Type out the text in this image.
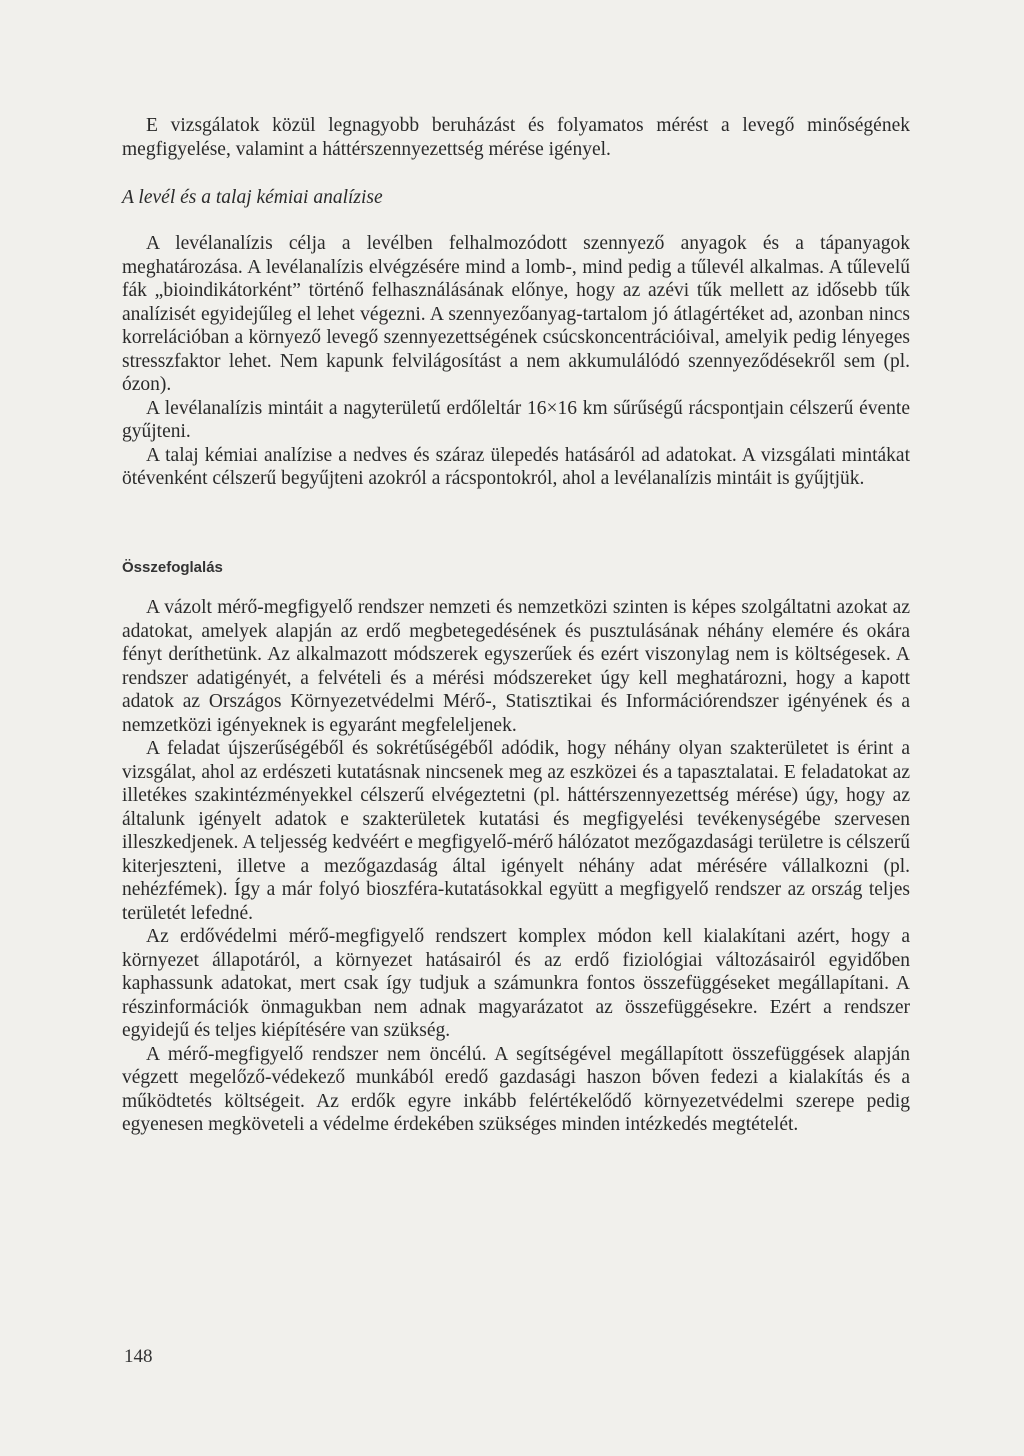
E vizsgálatok közül legnagyobb beruházást és folyamatos mérést a levegő minőségének megfigyelése, valamint a háttérszennyezettség mérése igényel.

A levél és a talaj kémiai analízise

A levélanalízis célja a levélben felhalmozódott szennyező anyagok és a tápanyagok meghatározása. A levélanalízis elvégzésére mind a lomb-, mind pedig a tűlevél alkalmas. A tűlevelű fák „bioindikátorként” történő felhasználásának előnye, hogy az azévi tűk mellett az idősebb tűk analízisét egyidejűleg el lehet végezni. A szennyezőanyag-tartalom jó átlagértéket ad, azonban nincs korrelációban a környező levegő szennyezettségének csúcskoncentrációival, amelyik pedig lényeges stresszfaktor lehet. Nem kapunk felvilágosítást a nem akkumulálódó szennyeződésekről sem (pl. ózon).

A levélanalízis mintáit a nagyterületű erdőleltár 16×16 km sűrűségű rácspontjain célszerű évente gyűjteni.

A talaj kémiai analízise a nedves és száraz ülepedés hatásáról ad adatokat. A vizsgálati mintákat ötévenként célszerű begyűjteni azokról a rácspontokról, ahol a levélanalízis mintáit is gyűjtjük.

Összefoglalás

A vázolt mérő-megfigyelő rendszer nemzeti és nemzetközi szinten is képes szolgáltatni azokat az adatokat, amelyek alapján az erdő megbetegedésének és pusztulásának néhány elemére és okára fényt deríthetünk. Az alkalmazott módszerek egyszerűek és ezért viszonylag nem is költségesek. A rendszer adatigényét, a felvételi és a mérési módszereket úgy kell meghatározni, hogy a kapott adatok az Országos Környezetvédelmi Mérő-, Statisztikai és Információrendszer igényének és a nemzetközi igényeknek is egyaránt megfeleljenek.

A feladat újszerűségéből és sokrétűségéből adódik, hogy néhány olyan szakterületet is érint a vizsgálat, ahol az erdészeti kutatásnak nincsenek meg az eszközei és a tapasztalatai. E feladatokat az illetékes szakintézményekkel célszerű elvégeztetni (pl. háttérszennyezettség mérése) úgy, hogy az általunk igényelt adatok e szakterületek kutatási és megfigyelési tevékenységébe szervesen illeszkedjenek. A teljesség kedvéért e megfigyelő-mérő hálózatot mezőgazdasági területre is célszerű kiterjeszteni, illetve a mezőgazdaság által igényelt néhány adat mérésére vállalkozni (pl. nehézfémek). Így a már folyó bioszféra-kutatásokkal együtt a megfigyelő rendszer az ország teljes területét lefedné.

Az erdővédelmi mérő-megfigyelő rendszert komplex módon kell kialakítani azért, hogy a környezet állapotáról, a környezet hatásairól és az erdő fiziológiai változásairól egyidőben kaphassunk adatokat, mert csak így tudjuk a számunkra fontos összefüggéseket megállapítani. A részinformációk önmagukban nem adnak magyarázatot az összefüggésekre. Ezért a rendszer egyidejű és teljes kiépítésére van szükség.

A mérő-megfigyelő rendszer nem öncélú. A segítségével megállapított összefüggések alapján végzett megelőző-védekező munkából eredő gazdasági haszon bőven fedezi a kialakítás és a működtetés költségeit. Az erdők egyre inkább felértékelődő környezetvédelmi szerepe pedig egyenesen megköveteli a védelme érdekében szükséges minden intézkedés megtételét.

148
